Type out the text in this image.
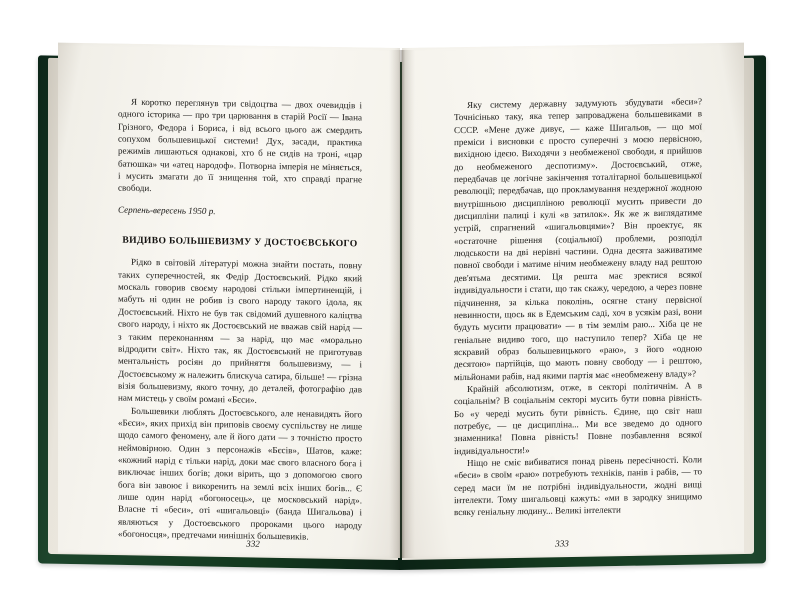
Я коротко переглянув три свідоцтва — двох очевидців і одного історика — про три царювання в старій Росії — Івана Грізного, Федора і Бориса, і від всього цього аж смердить сопухом большевицької системи! Дух, засади, практика режимів лишаються однакові, хто б не сидів на троні, «цар батюшка» чи «атец народоф». Потворна імперія не міняється, і мусить змагати до її знищення той, хто справді прагне свободи.

Серпень-вересень 1950 р.

ВИДИВО БОЛЬШЕВИЗМУ У ДОСТОЄВСЬКОГО

Рідко в світовій літературі можна знайти постать, повну таких суперечностей, як Федір Достоєвський. Рідко який москаль говорив своєму народові стільки імпертиненцій, і мабуть ні один не робив із свого народу такого ідола, як Достоєвський. Ніхто не був так свідомий душевного каліцтва свого народу, і ніхто як Достоєвський не вважав свій нарід — з таким переконанням — за нарід, що має «морально відродити світ». Ніхто так, як Достоєвський не приготував ментальність росіян до прийняття большевизму, — і Достоєвському ж належить блискуча сатира, більше! — грізна візія большевизму, якого точну, до деталей, фотографію дав нам мистець у своїм романі «Бєси».

Большевики люблять Достоєвського, але ненавидять його «Бєси», яких прихід він приповів своєму суспільству не лише щодо самого феномену, але й його дати — з точністю просто неймовірною. Один з персонажів «Бєсів», Шатов, каже: «кожний нарід є тільки нарід, доки має свого власного бога і виключає інших богів; доки вірить, що з допомогою свого бога він завоює і викоренить на землі всіх інших богів... Є лише один нарід «богоносець», це московський нарід». Власне ті «беси», оті «шигальовці» (банда Шигальова) і являються у Достоєвського пророками цього народу «богоносця», предтечами нинішніх большевиків.

332

Яку систему державну задумують збудувати «беси»? Точнісінько таку, яка тепер запроваджена большевиками в СССР. «Мене дуже дивує, — каже Шигальов, — що мої преміси і висновки є просто суперечні з моєю первісною, вихідною ідеєю. Виходячи з необмеженої свободи, я прийшов до необмеженого деспотизму». Достоєвський, отже, передбачав це логічне закінчення тоталітарної большевицької революції; передбачав, що прокламування нездержної жодною внутрішньою дисципліною революції мусить привести до дисципліни палиці і кулі «в затилок». Як же ж виглядатиме устрій, спрагнений «шигальовцями»? Він проектує, як «остаточне рішення (соціальної) проблеми, розподіл людськости на дві нерівні частини. Одна десята заживатиме повної свободи і матиме нічим необмежену владу над рештою дев'ятьма десятими. Ця решта має зректися всякої індивідуальности і стати, що так скажу, чередою, а через повне підчинення, за кілька поколінь, осягне стану первісної невинности, щось як в Едемським саді, хоч в усякім разі, вони будуть мусити працювати» — в тім землім раю... Хіба це не геніальне видиво того, що наступило тепер? Хіба це не яскравий образ большевицького «раю», з його «одною десятою» партійців, що мають повну свободу — і рештою, мільйонами рабів, над якими партія має «необмежену владу»?

Крайній абсолютизм, отже, в секторі політичнім. А в соціальнім? В соціальнім секторі мусить бути повна рівність. Бо «у череді мусить бути рівність. Єдине, що світ наш потребує, — це дисципліна... Ми все зведемо до одного знаменника! Повна рівність! Повне позбавлення всякої індивідуальности!»

Ніщо не сміє вибиватися понад рівень пересічності. Коли «беси» в своїм «раю» потребують техніків, панів і рабів, — то серед маси їм не потрібні індивідуальности, жодні вищі інтелекти. Тому шигальовці кажуть: «ми в зародку знищимо всяку геніальну людину... Великі інтелекти

333
